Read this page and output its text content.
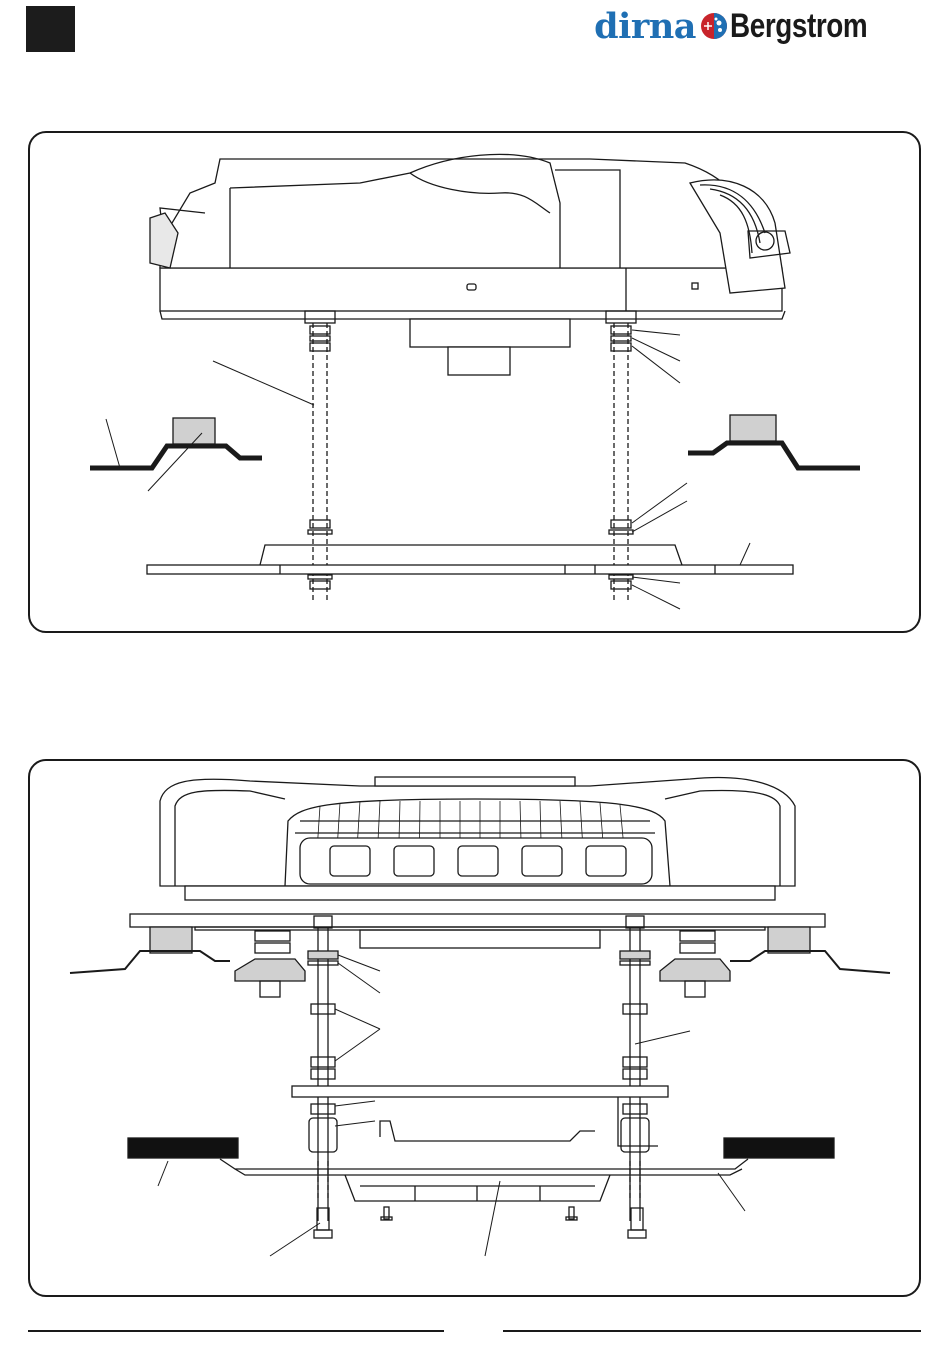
dirna Bergstrom
